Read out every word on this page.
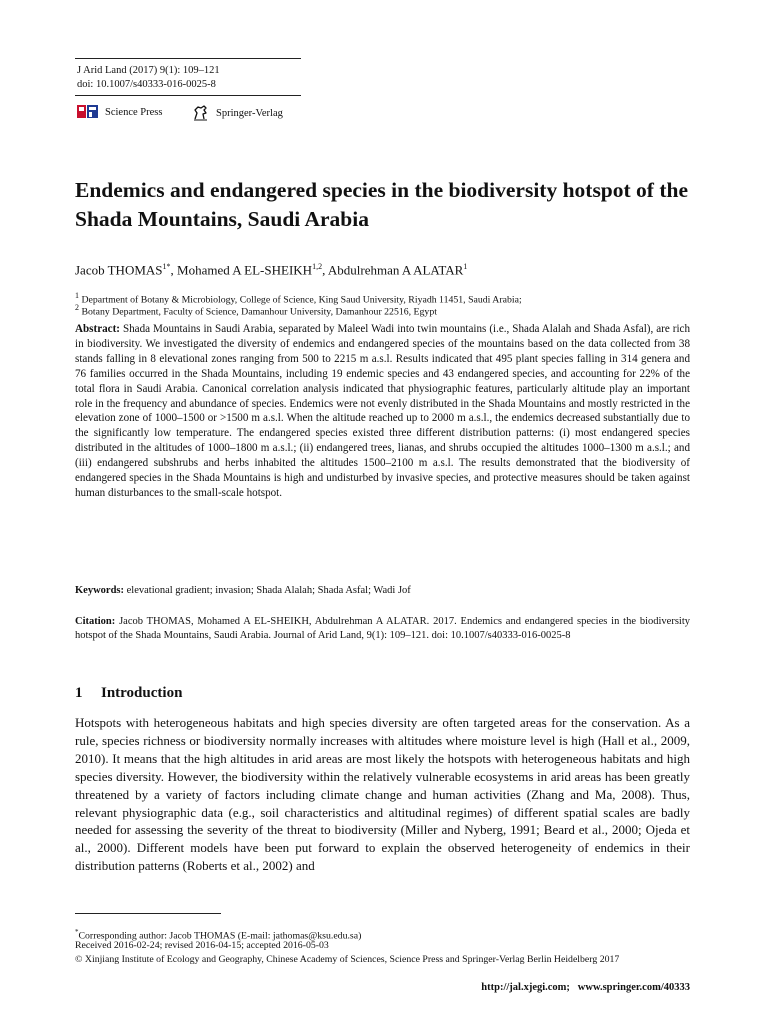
J Arid Land (2017) 9(1): 109–121
doi: 10.1007/s40333-016-0025-8
Science Press	Springer-Verlag
Endemics and endangered species in the biodiversity hotspot of the Shada Mountains, Saudi Arabia
Jacob $THOMAS^{1*}$, Mohamed A EL-SHEIKH$^{1,2}$, Abdulrehman A ALATAR$^1$
$^1$ Department of Botany & Microbiology, College of Science, King Saud University, Riyadh 11451, Saudi Arabia;
$^2$ Botany Department, Faculty of Science, Damanhour University, Damanhour 22516, Egypt
Abstract: Shada Mountains in Saudi Arabia, separated by Maleel Wadi into twin mountains (i.e., Shada Alalah and Shada Asfal), are rich in biodiversity. We investigated the diversity of endemics and endangered species of the mountains based on the data collected from 38 stands falling in 8 elevational zones ranging from 500 to 2215 m a.s.l. Results indicated that 495 plant species falling in 314 genera and 76 families occurred in the Shada Mountains, including 19 endemic species and 43 endangered species, and accounting for 22% of the total flora in Saudi Arabia. Canonical correlation analysis indicated that physiographic features, particularly altitude play an important role in the frequency and abundance of species. Endemics were not evenly distributed in the Shada Mountains and mostly restricted in the elevation zone of 1000–1500 or >1500 m a.s.l. When the altitude reached up to 2000 m a.s.l., the endemics decreased substantially due to the significantly low temperature. The endangered species existed three different distribution patterns: (i) most endangered species distributed in the altitudes of 1000–1800 m a.s.l.; (ii) endangered trees, lianas, and shrubs occupied the altitudes 1000–1300 m a.s.l.; and (iii) endangered subshrubs and herbs inhabited the altitudes 1500–2100 m a.s.l. The results demonstrated that the biodiversity of endangered species in the Shada Mountains is high and undisturbed by invasive species, and protective measures should be taken against human disturbances to the small-scale hotspot.
Keywords: elevational gradient; invasion; Shada Alalah; Shada Asfal; Wadi Jof
Citation: Jacob THOMAS, Mohamed A EL-SHEIKH, Abdulrehman A ALATAR. 2017. Endemics and endangered species in the biodiversity hotspot of the Shada Mountains, Saudi Arabia. Journal of Arid Land, 9(1): 109–121. doi: 10.1007/s40333-016-0025-8
1 Introduction
Hotspots with heterogeneous habitats and high species diversity are often targeted areas for the conservation. As a rule, species richness or biodiversity normally increases with altitudes where moisture level is high (Hall et al., 2009, 2010). It means that the high altitudes in arid areas are most likely the hotspots with heterogeneous habitats and high species diversity. However, the biodiversity within the relatively vulnerable ecosystems in arid areas has been greatly threatened by a variety of factors including climate change and human activities (Zhang and Ma, 2008). Thus, relevant physiographic data (e.g., soil characteristics and altitudinal regimes) of different spatial scales are badly needed for assessing the severity of the threat to biodiversity (Miller and Nyberg, 1991; Beard et al., 2000; Ojeda et al., 2000). Different models have been put forward to explain the observed heterogeneity of endemics in their distribution patterns (Roberts et al., 2002) and
*Corresponding author: Jacob THOMAS (E-mail: jathomas@ksu.edu.sa)
Received 2016-02-24; revised 2016-04-15; accepted 2016-05-03
© Xinjiang Institute of Ecology and Geography, Chinese Academy of Sciences, Science Press and Springer-Verlag Berlin Heidelberg 2017
http://jal.xjegi.com;   www.springer.com/40333
